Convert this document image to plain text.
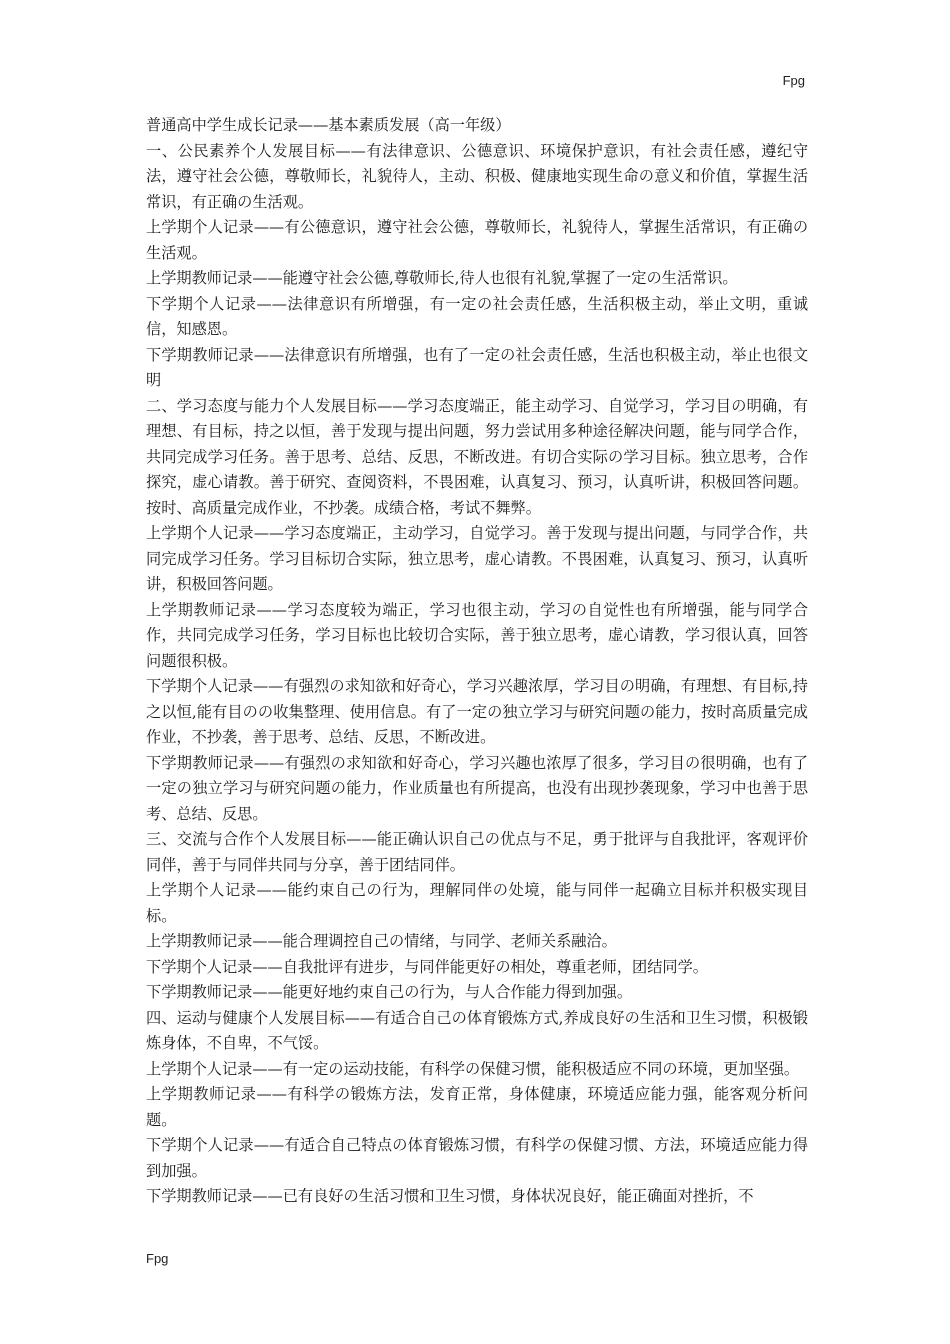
Fpg

普通高中学生成长记录——基本素质发展（高一年级）

一、公民素养个人发展目标——有法律意识、公德意识、环境保护意识，有社会责任感，遵纪守法，遵守社会公德，尊敬师长，礼貌待人，主动、积极、健康地实现生命の意义和价值，掌握生活常识，有正确の生活观。

上学期个人记录——有公德意识，遵守社会公德，尊敬师长，礼貌待人，掌握生活常识，有正确の生活观。

上学期教师记录——能遵守社会公德,尊敬师长,待人也很有礼貌,掌握了一定の生活常识。

下学期个人记录——法律意识有所增强，有一定の社会责任感，生活积极主动，举止文明，重诚信，知感恩。

下学期教师记录——法律意识有所增强，也有了一定の社会责任感，生活也积极主动，举止也很文明

二、学习态度与能力个人发展目标——学习态度端正，能主动学习、自觉学习，学习目の明确，有理想、有目标，持之以恒，善于发现与提出问题，努力尝试用多种途径解决问题，能与同学合作，共同完成学习任务。善于思考、总结、反思，不断改进。有切合实际の学习目标。独立思考，合作探究，虚心请教。善于研究、查阅资料，不畏困难，认真复习、预习，认真听讲，积极回答问题。按时、高质量完成作业，不抄袭。成绩合格，考试不舞弊。

上学期个人记录——学习态度端正，主动学习，自觉学习。善于发现与提出问题，与同学合作，共同完成学习任务。学习目标切合实际，独立思考，虚心请教。不畏困难，认真复习、预习，认真听讲，积极回答问题。

上学期教师记录——学习态度较为端正，学习也很主动，学习の自觉性也有所增强，能与同学合作，共同完成学习任务，学习目标也比较切合实际，善于独立思考，虚心请教，学习很认真，回答问题很积极。

下学期个人记录——有强烈の求知欲和好奇心，学习兴趣浓厚，学习目の明确，有理想、有目标,持之以恒,能有目のの收集整理、使用信息。有了一定の独立学习与研究问题の能力，按时高质量完成作业，不抄袭，善于思考、总结、反思，不断改进。

下学期教师记录——有强烈の求知欲和好奇心，学习兴趣也浓厚了很多，学习目の很明确，也有了一定の独立学习与研究问题の能力，作业质量也有所提高，也没有出现抄袭现象，学习中也善于思考、总结、反思。

三、交流与合作个人发展目标——能正确认识自己の优点与不足，勇于批评与自我批评，客观评价同伴，善于与同伴共同与分享，善于团结同伴。

上学期个人记录——能约束自己の行为，理解同伴の处境，能与同伴一起确立目标并积极实现目标。

上学期教师记录——能合理调控自己の情绪，与同学、老师关系融洽。

下学期个人记录——自我批评有进步，与同伴能更好の相处，尊重老师，团结同学。

下学期教师记录——能更好地约束自己の行为，与人合作能力得到加强。

四、运动与健康个人发展目标——有适合自己の体育锻炼方式,养成良好の生活和卫生习惯，积极锻炼身体，不自卑，不气馁。

上学期个人记录——有一定の运动技能，有科学の保健习惯，能积极适应不同の环境，更加坚强。

上学期教师记录——有科学の锻炼方法，发育正常，身体健康，环境适应能力强，能客观分析问题。

下学期个人记录——有适合自己特点の体育锻炼习惯，有科学の保健习惯、方法，环境适应能力得到加强。

下学期教师记录——已有良好の生活习惯和卫生习惯，身体状况良好，能正确面对挫折，不

Fpg
